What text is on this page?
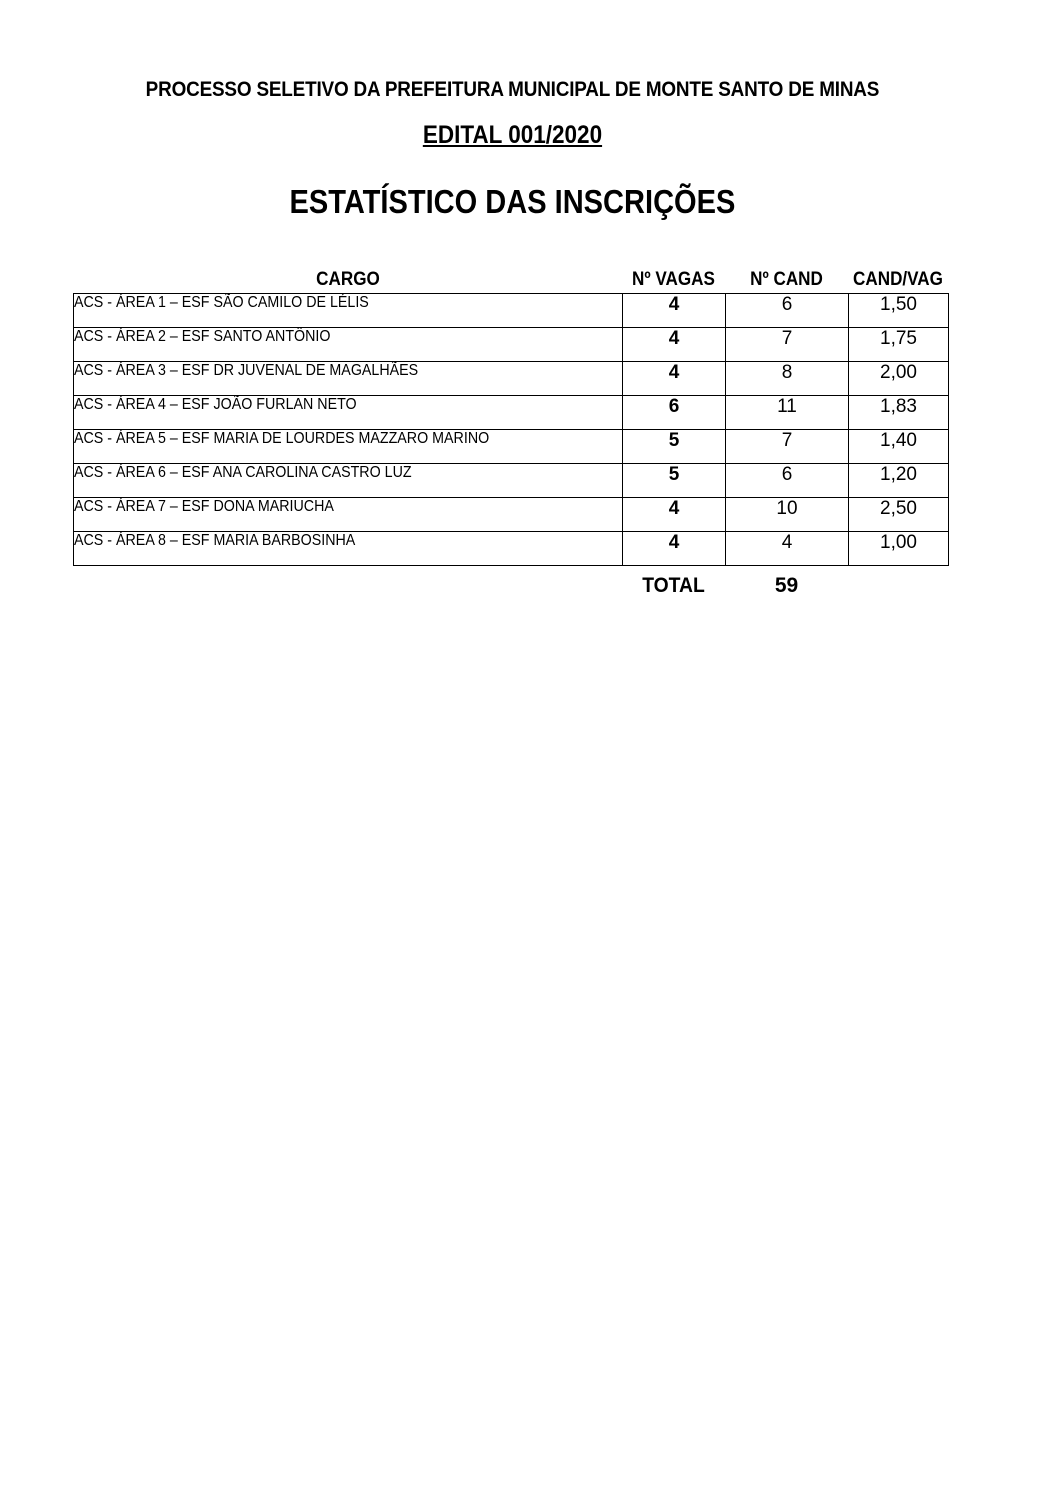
PROCESSO SELETIVO DA PREFEITURA MUNICIPAL DE MONTE SANTO DE MINAS
EDITAL 001/2020
ESTATÍSTICO DAS INSCRIÇÕES
CARGO	Nº VAGAS	Nº CAND	CAND/VAG
ACS - ÁREA 1 – ESF SÃO CAMILO DE LÉLIS	4	6	1,50
ACS - ÁREA 2 – ESF SANTO ANTÔNIO	4	7	1,75
ACS - ÁREA 3 – ESF DR JUVENAL DE MAGALHÃES	4	8	2,00
ACS - ÁREA 4 – ESF JOÃO FURLAN NETO	6	11	1,83
ACS - ÁREA 5 – ESF MARIA DE LOURDES MAZZARO MARINO	5	7	1,40
ACS - ÁREA 6 – ESF ANA CAROLINA CASTRO LUZ	5	6	1,20
ACS - ÁREA 7 – ESF DONA MARIUCHA	4	10	2,50
ACS - ÁREA 8 – ESF MARIA BARBOSINHA	4	4	1,00
TOTAL	59
